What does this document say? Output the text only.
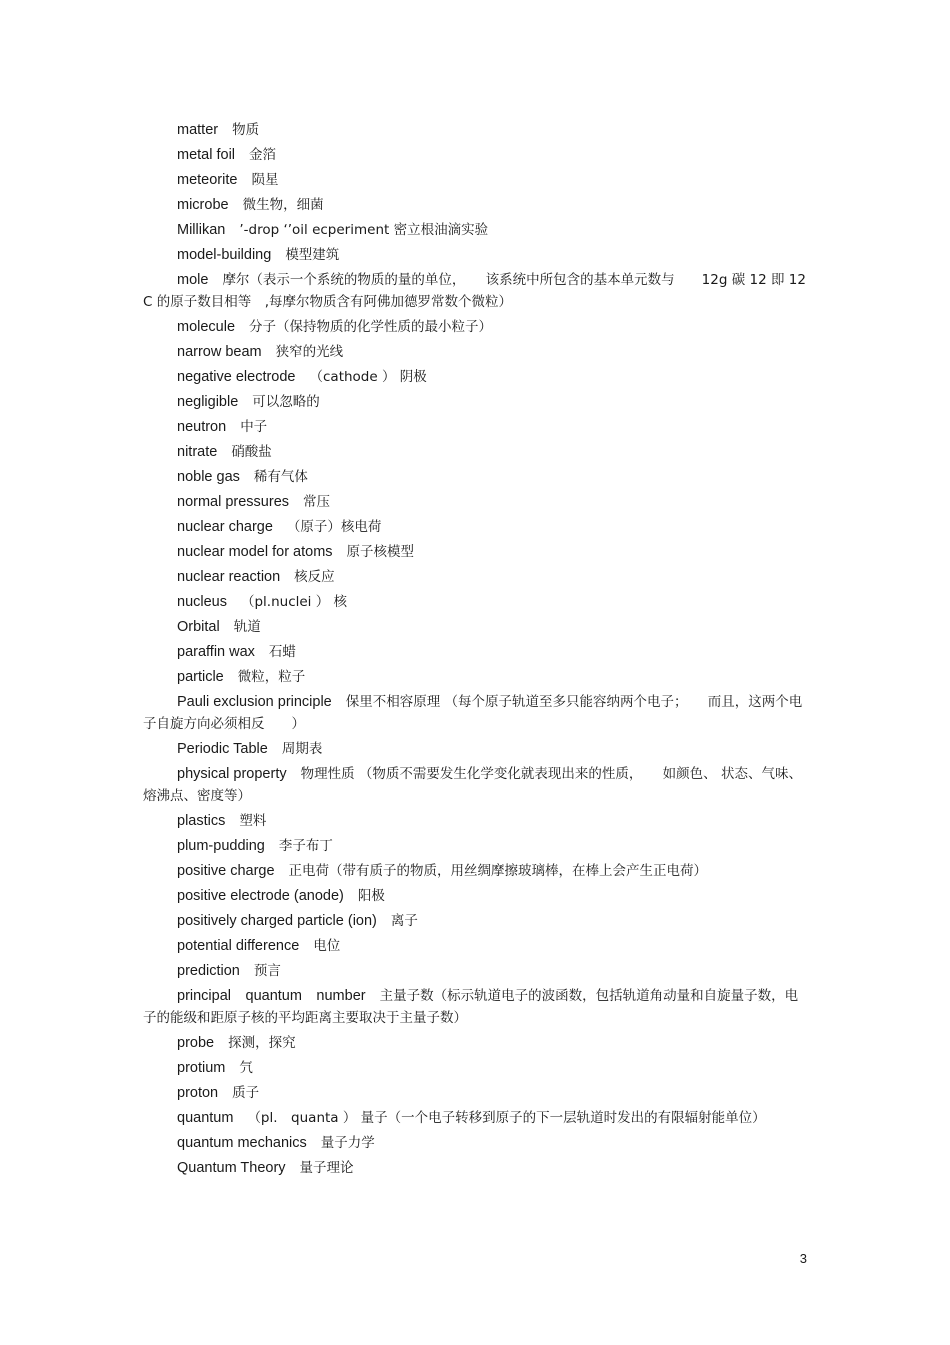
matter 物质
metal foil 金箔
meteorite 陨星
microbe 微生物，细菌
Millikan ’-drop ‘’oil ecperiment 密立根油滴实验
model-building 模型建筑
mole 摩尔（表示一个系统的物质的量的单位，　　该系统中所包含的基本单元数与　　12g 碳 12 即 12C 的原子数目相等　,每摩尔物质含有阿佛加德罗常数个微粒）
molecule 分子（保持物质的化学性质的最小粒子）
narrow beam 狭窄的光线
negative electrode （cathode ） 阴极
negligible 可以忽略的
neutron 中子
nitrate 硝酸盐
noble gas 稀有气体
normal pressures 常压
nuclear charge （原子）核电荷
nuclear model for atoms 原子核模型
nuclear reaction 核反应
nucleus （pl.nuclei ） 核
Orbital 轨道
paraffin wax 石蜡
particle 微粒，粒子
Pauli exclusion principle 保里不相容原理 （每个原子轨道至多只能容纳两个电子；　　而且，这两个电子自旋方向必须相反　　）
Periodic Table 周期表
physical property 物理性质 （物质不需要发生化学变化就表现出来的性质，　　如颜色、 状态、气味、熔沸点、密度等）
plastics 塑料
plum-pudding 李子布丁
positive charge 正电荷（带有质子的物质，用丝绸摩擦玻璃棒，在棒上会产生正电荷）
positive electrode (anode) 阳极
positively charged particle (ion) 离子
potential difference 电位
prediction 预言
principal　quantum　number 主量子数（标示轨道电子的波函数，包括轨道角动量和自旋量子数，电子的能级和距原子核的平均距离主要取决于主量子数）
probe 探测，探究
protium 氕
proton 质子
quantum （pl.　quanta ） 量子（一个电子转移到原子的下一层轨道时发出的有限辐射能单位）
quantum mechanics 量子力学
Quantum Theory 量子理论
3
